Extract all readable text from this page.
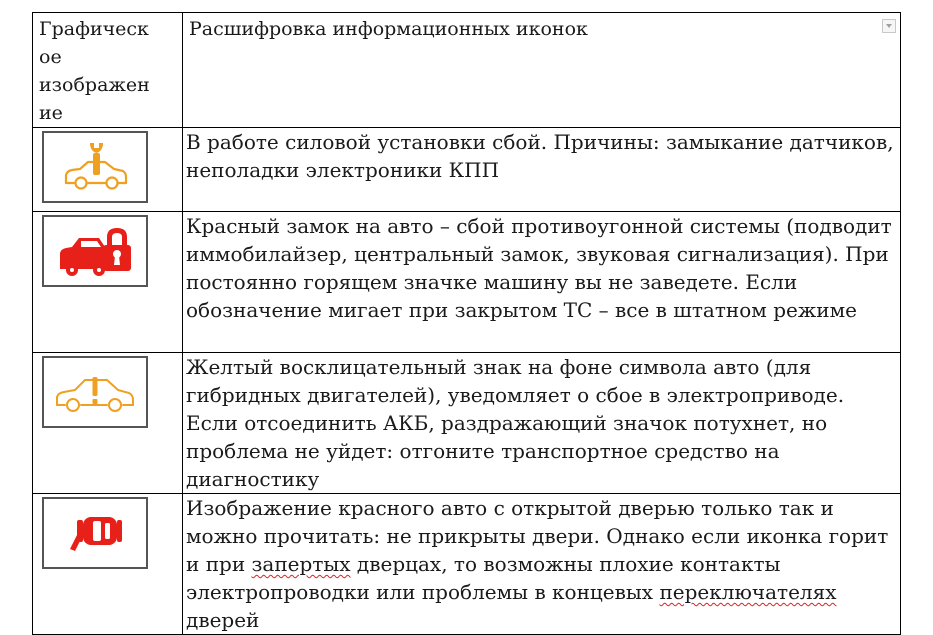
Графическ
ое
изображен
ие	Расшифровка информационных иконок

	В работе силовой установки сбой. Причины: замыкание датчиков, неполадки электроники КПП

	Красный замок на авто – сбой противоугонной системы (подводит иммобилайзер, центральный замок, звуковая сигнализация). При постоянно горящем значке машину вы не заведете. Если обозначение мигает при закрытом ТС – все в штатном режиме

	Желтый восклицательный знак на фоне символа авто (для гибридных двигателей), уведомляет о сбое в электроприводе. Если отсоединить АКБ, раздражающий значок потухнет, но проблема не уйдет: отгоните транспортное средство на диагностику

	Изображение красного авто с открытой дверью только так и можно прочитать: не прикрыты двери. Однако если иконка горит и при запертых дверцах, то возможны плохие контакты электропроводки или проблемы в концевых переключателях дверей
